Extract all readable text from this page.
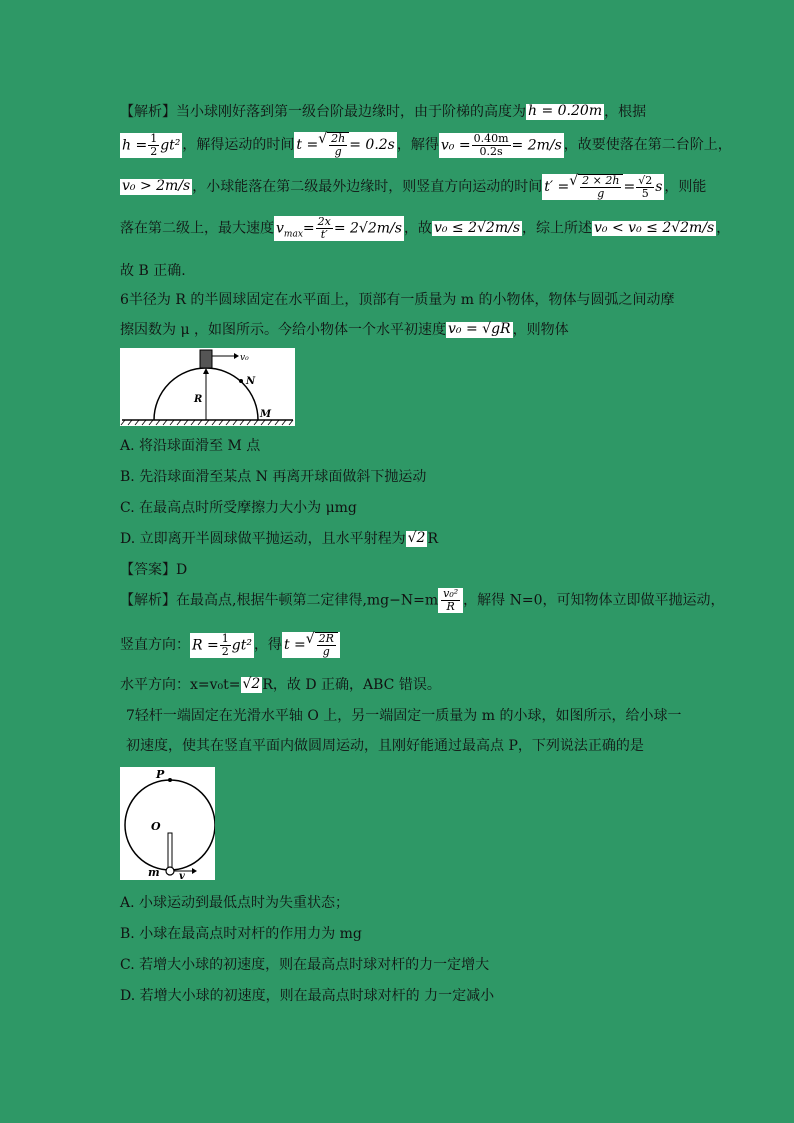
【解析】当小球刚好落到第一级台阶最边缘时，由于阶梯的高度为 h = 0.20m ，根据
$h = \frac{1}{2} gt^2$ ，解得运动的时间 t = √ $\frac{2h}{g} = 0.2s$ ，解得 $v_0 = \frac{0.40m}{0.2s} = 2m/s$ ，故要使落在第二台阶上，
v₀ > 2m/s ，小球能落在第二级最外边缘时，则竖直方向运动的时间 t′ = √ $\frac{2 \times 2h}{g} = \frac{√2}{5}$ s ，则能
落在第二级上，最大速度 $v_{max}= \frac{2x}{t'} = 2√2m/s$ ，故 v₀ ≤ 2√2m/s ，综上所述 v₀ < v₀ ≤ 2√2m/s ，
故 B 正确.
6半径为 R 的半圆球固定在水平面上，顶部有一质量为 m 的小物体，物体与圆弧之间动摩
擦因数为 μ ，如图所示。今给小物体一个水平初速度 v₀ = √gR ，则物体
v₀
N
R
M
A. 将沿球面滑至 M 点
B. 先沿球面滑至某点 N 再离开球面做斜下抛运动
C. 在最高点时所受摩擦力大小为 μmg
D. 立即离开半圆球做平抛运动，且水平射程为 √2 R
【答案】D
【解析】在最高点,根据牛顿第二定律得$,mg-N=m \frac{\text{v₀²}}{R}$ ，解得 N=0，可知物体立即做平抛运动，
竖直方向： $R = \frac{1}{2} gt^2$ ，得 t = √ $\frac{2R}{g}$
水平方向：x=v₀t= √2 R，故 D 正确，ABC 错误。
7轻杆一端固定在光滑水平轴 O 上，另一端固定一质量为 m 的小球，如图所示，给小球一
初速度，使其在竖直平面内做圆周运动，且刚好能通过最高点 P，下列说法正确的是
P
O
m v
A. 小球运动到最低点时为失重状态；
B. 小球在最高点时对杆的作用力为 mg
C. 若增大小球的初速度，则在最高点时球对杆的力一定增大
D. 若增大小球的初速度，则在最高点时球对杆的 力一定减小
